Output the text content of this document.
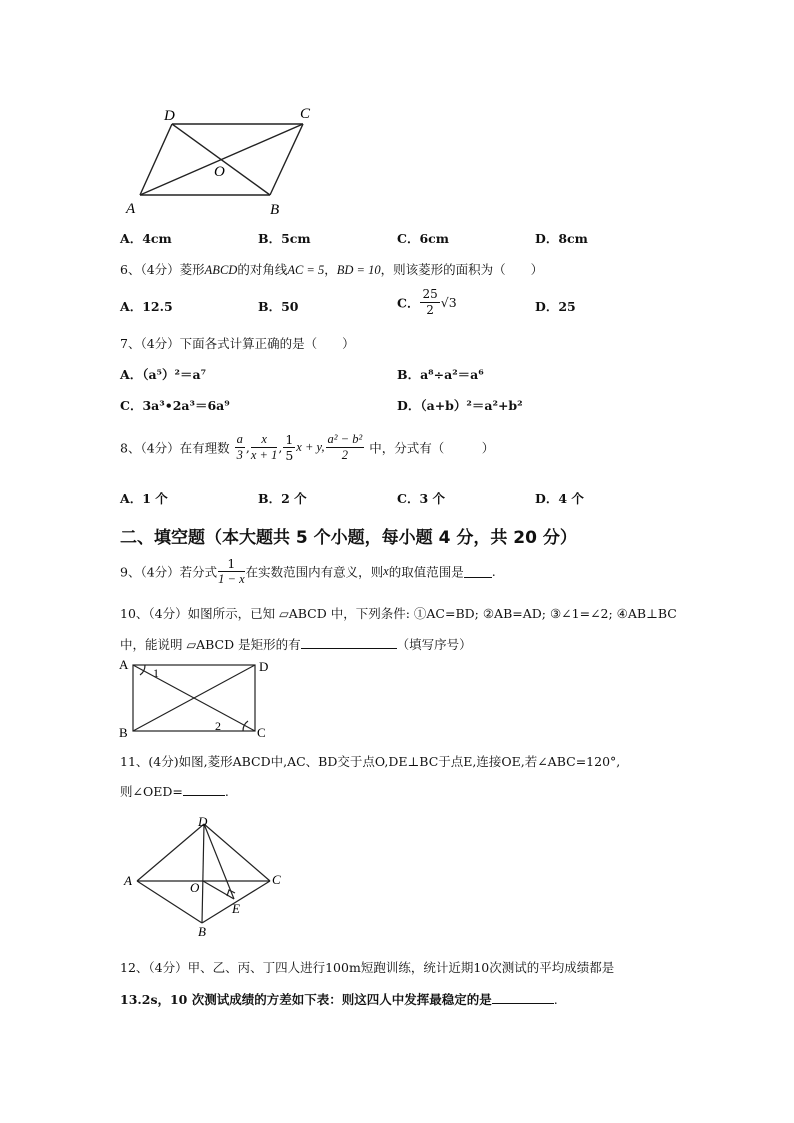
D	C
A	B
O
A．4cm	B．5cm	C．6cm	D．8cm
6、（4分）菱形ABCD的对角线AC = 5，BD = 10，则该菱形的面积为（　　）
A．12.5	B．50	C． $\frac{25}{2} √3$	D．25
7、（4分）下面各式计算正确的是（　　）
A．（a⁵）²＝a⁷	B．a⁸÷a²＝a⁶
C．3a³•2a³＝6a⁹	D．（a+b）²＝a²+b²
8、（4分）在有理数 $\frac{a}{3}$ , $\frac{x}{x + 1}$ , $\frac{1}{5}$ x + y, $\frac{\text{a² − b²}}{2}$ 中，分式有（　　　）
A．1 个	B．2 个	C．3 个	D．4 个
二、填空题（本大题共 5 个小题，每小题 4 分，共 20 分）
9、（4分）若分式 $\frac{1}{1 - x}$ 在实数范围内有意义，则x的取值范围是 .
10、（4分）如图所示，已知 ▱ABCD 中，下列条件: ①AC=BD; ②AB=AD; ③∠1=∠2; ④AB⊥BC
中，能说明 ▱ABCD 是矩形的有	（填写序号）
A	D
B	C
1
2
11、(4分)如图,菱形ABCD中,AC、BD交于点O,DE⊥BC于点E,连接OE,若∠ABC=120°,
则∠OED=	.
D
A	O
C
E
B
12、（4分）甲、乙、丙、丁四人进行100m短跑训练，统计近期10次测试的平均成绩都是
13.2s，10 次测试成绩的方差如下表：则这四人中发挥最稳定的是	.
